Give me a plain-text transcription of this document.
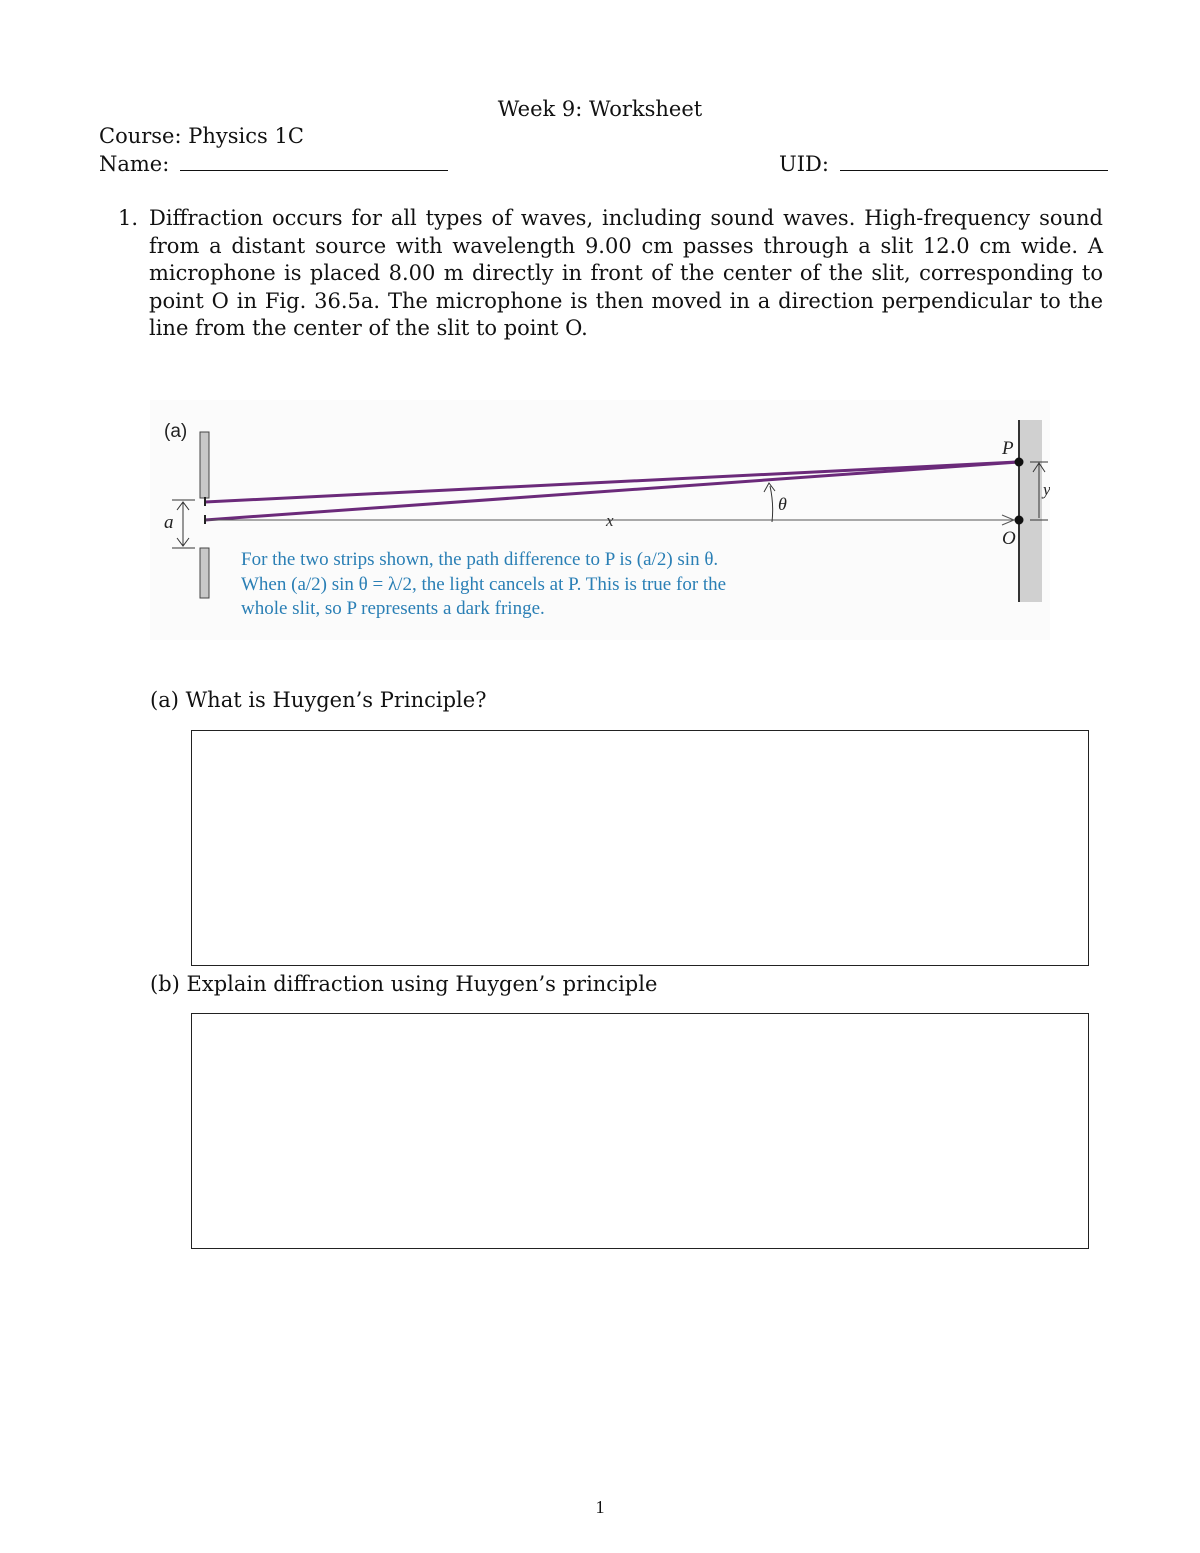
Week 9: Worksheet
Course: Physics 1C
Name:	UID:
1. Diffraction occurs for all types of waves, including sound waves. High-frequency sound from a distant source with wavelength 9.00 cm passes through a slit 12.0 cm wide. A microphone is placed 8.00 m directly in front of the center of the slit, corresponding to point O in Fig. 36.5a. The microphone is then moved in a direction perpendicular to the line from the center of the slit to point O.
(a)
a	x
θ
P
O
y
For the two strips shown, the path difference to P is (a/2) sin θ.
When (a/2) sin θ = λ/2, the light cancels at P. This is true for the
whole slit, so P represents a dark fringe.
(a) What is Huygen’s Principle?
(b) Explain diffraction using Huygen’s principle
1
